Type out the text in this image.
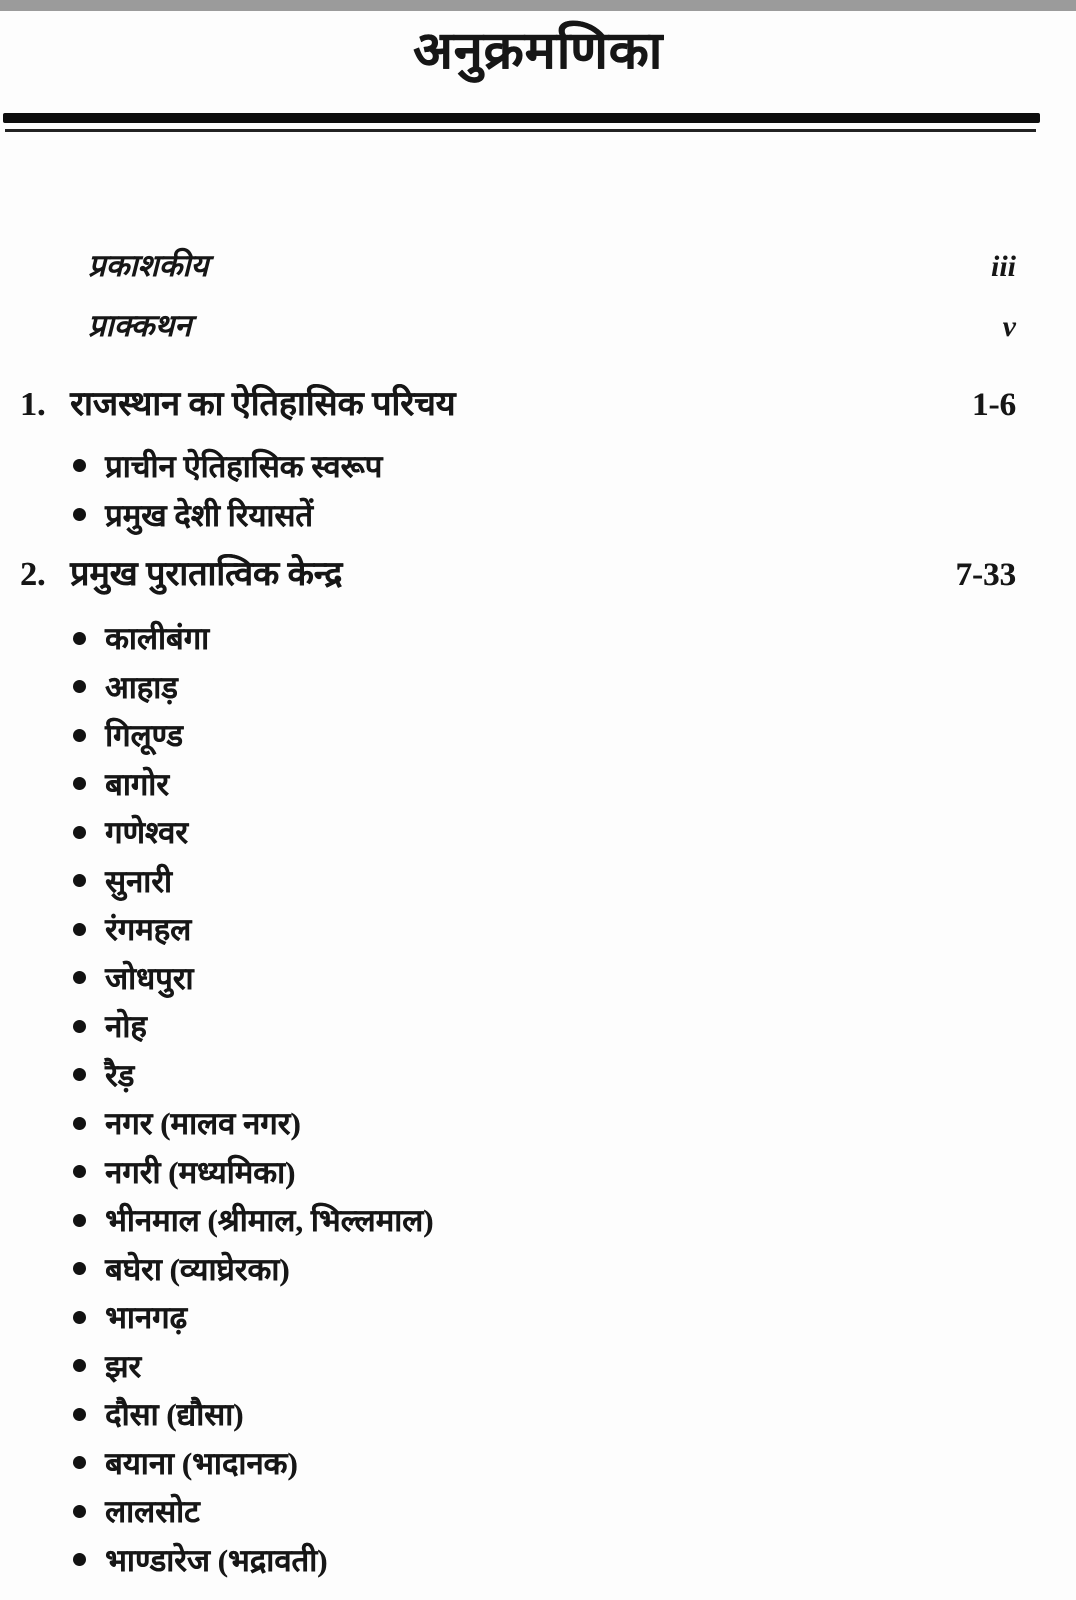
अनुक्रमणिका
प्रकाशकीय	iii
प्राक्कथन	v
1. राजस्थान का ऐतिहासिक परिचय	1-6
प्राचीन ऐतिहासिक स्वरूप
प्रमुख देशी रियासतें
2. प्रमुख पुरातात्विक केन्द्र	7-33
कालीबंगा
आहाड़
गिलूण्ड
बागोर
गणेश्वर
सुनारी
रंगमहल
जोधपुरा
नोह
रैड़
नगर (मालव नगर)
नगरी (मध्यमिका)
भीनमाल (श्रीमाल, भिल्लमाल)
बघेरा (व्याघ्रेरका)
भानगढ़
झर
दौसा (द्यौसा)
बयाना (भादानक)
लालसोट
भाण्डारेज (भद्रावती)
